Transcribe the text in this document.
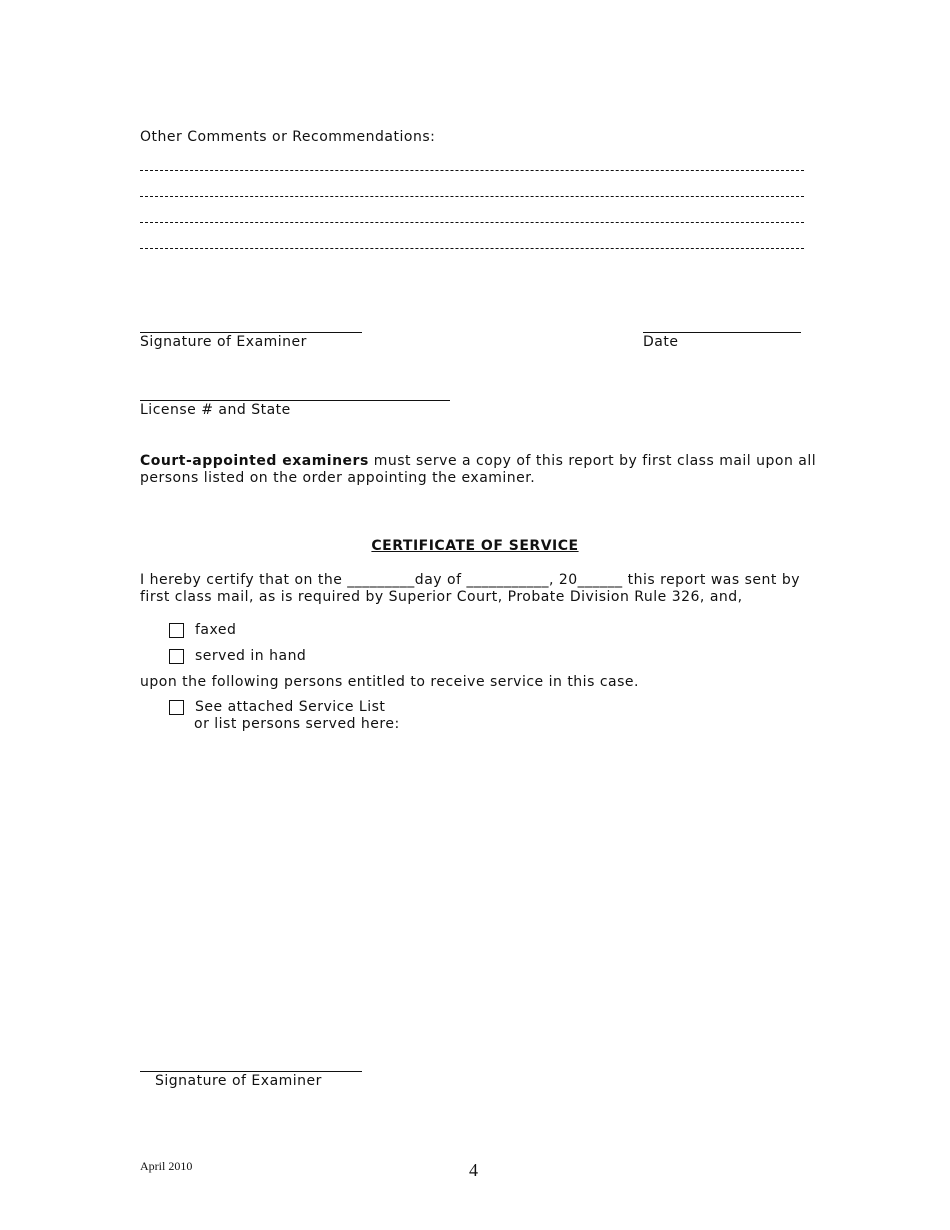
Other Comments or Recommendations:
Signature of Examiner	Date
License # and State
Court-appointed examiners must serve a copy of this report by first class mail upon all
persons listed on the order appointing the examiner.
CERTIFICATE OF SERVICE
I hereby certify that on the _________day of ___________, 20______ this report was sent by
first class mail, as is required by Superior Court, Probate Division Rule 326, and,
faxed
served in hand
upon the following persons entitled to receive service in this case.
See attached Service List
or list persons served here:
Signature of Examiner
April 2010	4
